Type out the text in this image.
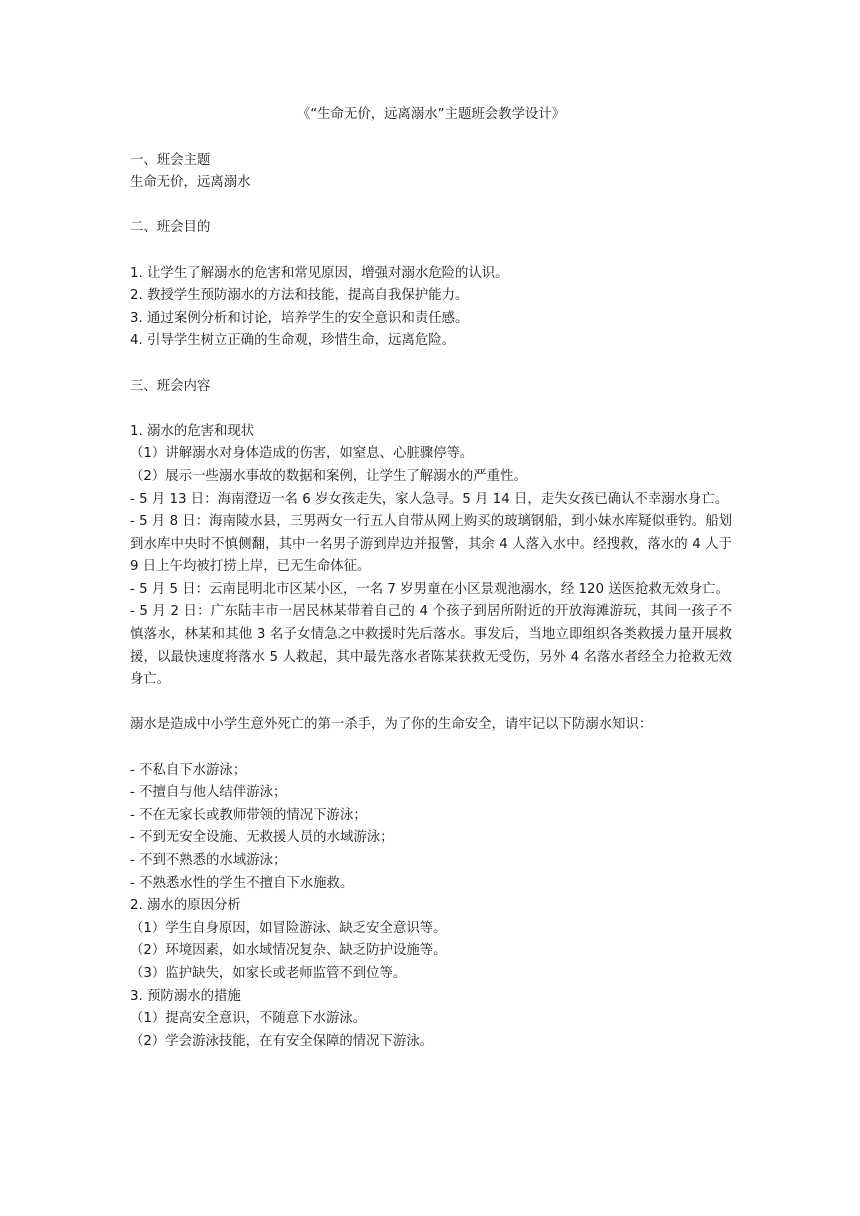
《“生命无价，远离溺水”主题班会教学设计》

一、班会主题

生命无价，远离溺水

二、班会目的

1. 让学生了解溺水的危害和常见原因，增强对溺水危险的认识。

2. 教授学生预防溺水的方法和技能，提高自我保护能力。

3. 通过案例分析和讨论，培养学生的安全意识和责任感。

4. 引导学生树立正确的生命观，珍惜生命，远离危险。

三、班会内容

1. 溺水的危害和现状

（1）讲解溺水对身体造成的伤害，如窒息、心脏骤停等。

（2）展示一些溺水事故的数据和案例，让学生了解溺水的严重性。

- 5 月 13 日：海南澄迈一名 6 岁女孩走失，家人急寻。5 月 14 日，走失女孩已确认不幸溺水身亡。

- 5 月 8 日：海南陵水县，三男两女一行五人自带从网上购买的玻璃钢船，到小妹水库疑似垂钓。船划到水库中央时不慎侧翻，其中一名男子游到岸边并报警，其余 4 人落入水中。经搜救，落水的 4 人于 9 日上午均被打捞上岸，已无生命体征。

- 5 月 5 日：云南昆明北市区某小区，一名 7 岁男童在小区景观池溺水，经 120 送医抢救无效身亡。

- 5 月 2 日：广东陆丰市一居民林某带着自己的 4 个孩子到居所附近的开放海滩游玩，其间一孩子不慎落水，林某和其他 3 名子女情急之中救援时先后落水。事发后，当地立即组织各类救援力量开展救援，以最快速度将落水 5 人救起，其中最先落水者陈某获救无受伤，另外 4 名落水者经全力抢救无效身亡。

溺水是造成中小学生意外死亡的第一杀手，为了你的生命安全，请牢记以下防溺水知识：

- 不私自下水游泳；

- 不擅自与他人结伴游泳；

- 不在无家长或教师带领的情况下游泳；

- 不到无安全设施、无救援人员的水域游泳；

- 不到不熟悉的水域游泳；

- 不熟悉水性的学生不擅自下水施救。

2. 溺水的原因分析

（1）学生自身原因，如冒险游泳、缺乏安全意识等。

（2）环境因素，如水域情况复杂、缺乏防护设施等。

（3）监护缺失，如家长或老师监管不到位等。

3. 预防溺水的措施

（1）提高安全意识，不随意下水游泳。

（2）学会游泳技能，在有安全保障的情况下游泳。
